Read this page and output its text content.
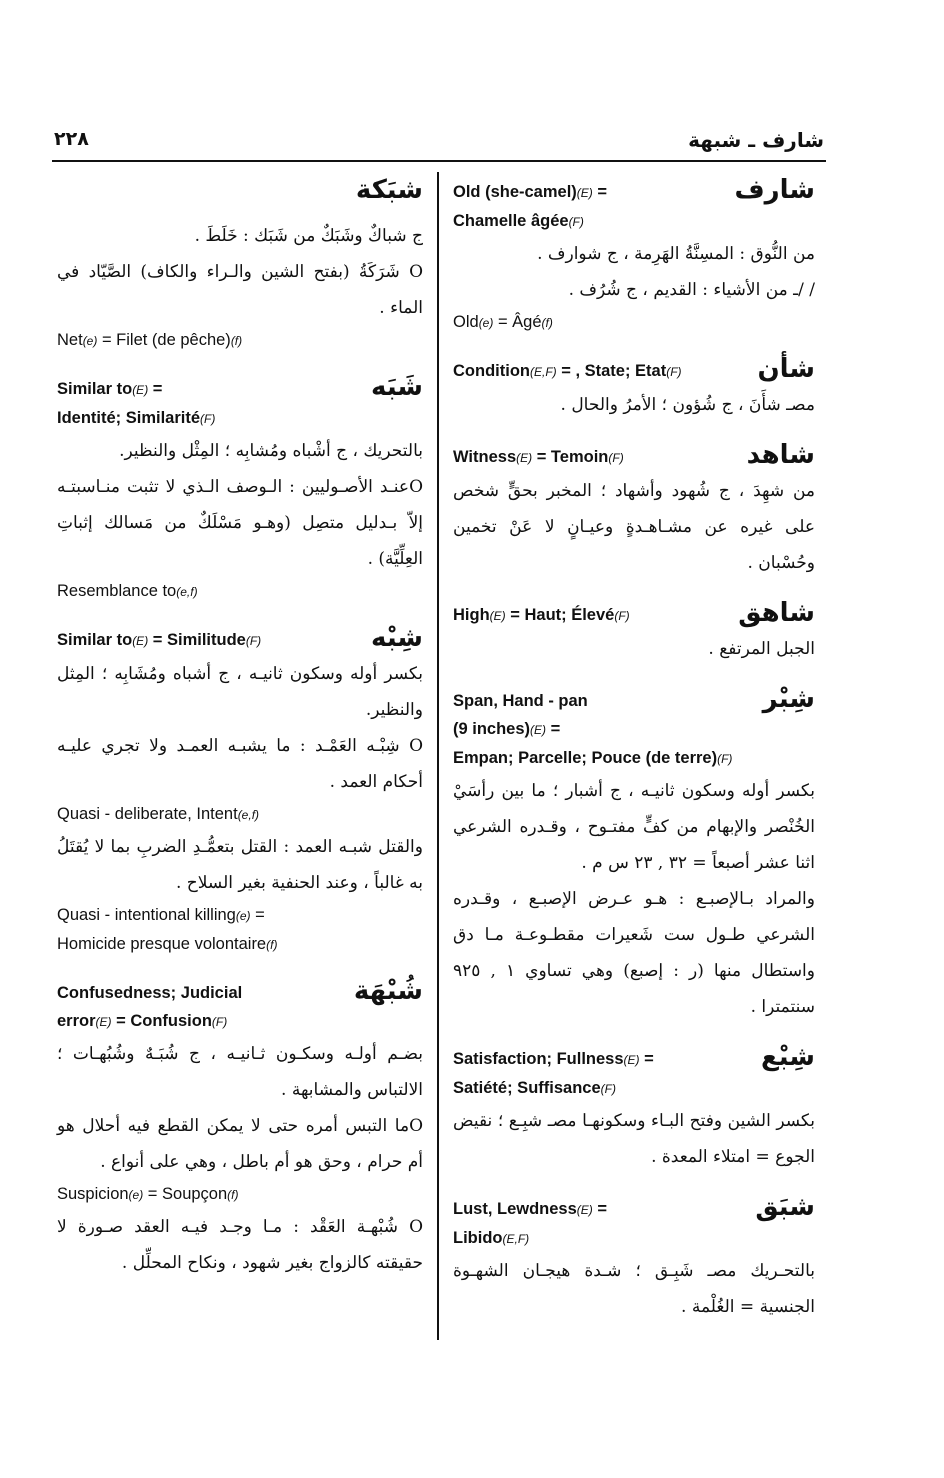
شارف ـ شبهة
٢٢٨
شارف

Old (she-camel)(E) =

Chamelle âgée(F)

من النُّوق : المسِنَّةُ الهَرِمة ، ج شوارف .

/ /ـ من الأشياء : القديم ، ج شُرُف .

Old(e) = Âgé(f)

شأن

Condition(E,F) = , State; Etat(F)

مصـ شأَنَ ، ج شُؤون ؛ الأمرُ والحال .

شاهد

Witness(E) = Temoin(F)

من شهِدَ ، ج شُهود وأشهاد ؛ المخبر بحقٍّ شخص على غيره عن مشـاهـدةٍ وعيـانٍ لا عَنْ تخمين وحُسْبان .

شاهق

High(E) = Haut; Élevé(F)

الجبل المرتفع .

شِبْر

Span, Hand - pan

(9 inches)(E) =

Empan; Parcelle; Pouce (de terre)(F)

بكسر أوله وسكون ثانيـه ، ج أشبار ؛ ما بين رأسَيْ الخُنْصر والإبهام من كفٍّ مفتـوح ، وقـدره الشرعي اثنا عشر أصبعاً = ٣٢ , ٢٣ س م .

والمراد بـالإصبـع : هـو عـرض الإصبـع ، وقـدره الشرعي طـول ست شَعيرات مقطـوعـة مـا دق واستطال منها (ر : إصبع) وهي تساوي ١ , ٩٢٥ سنتمترا .

شِبْع

Satisfaction; Fullness(E) =

Satiété; Suffisance(F)

بكسر الشين وفتح البـاء وسكونهـا مصـ شبِـع ؛ نقيض الجوع = امتلاء المعدة .

شبَق

Lust, Lewdness(E) =

Libido(E,F)

بالتحـريك مصـ شَبِـق ؛ شـدة هيجـان الشهـوة الجنسية = الغُلْمة .

شبَكة

ج شباكٌ وشَبَكٌ من شَبَك : خَلَطَ .

O شَرَكَةُ (بفتح الشين والـراء والكاف) الصَّيّاد في الماء .

Net(e) = Filet (de pêche)(f)

شَبَه

Similar to(E) =

Identité; Similarité(F)

بالتحريك ، ج أشْباه ومُشابِه ؛ المِثْل والنظير.

Oعنـد الأصـوليين : الـوصف الـذي لا تثبت منـاسبتـه إلاّ بـدليل متصِل (وهـو مَسْلَكٌ من مَسالك إثباتِ العِلِّيَّة) .

Resemblance to(e,f)

شِبْه

Similar to(E) = Similitude(F)

بكسر أوله وسكون ثانيـه ، ج أشباه ومُشَابِه ؛ المِثل والنظير.

O شِبْـه العَمْـد : ما يشبـه العمـد ولا تجري عليـه أحكام العمد .

Quasi - deliberate, Intent(e,f)

والقتل شبـه العمد : القتل بتعمُّـدِ الضربِ بما لا يُقتَلُ به غالباً ، وعند الحنفية بغير السلاح .

Quasi - intentional killing(e) =

Homicide presque volontaire(f)

شُبْهَة

Confusedness; Judicial

error(E) = Confusion(F)

بضـم أولـه وسكـون ثـانيـه ، ج شُبَـهٌ وشُبُهـات ؛ الالتباس والمشابهة .

Oما التبس أمره حتى لا يمكن القطع فيه أحلال هو أم حرام ، وحق هو أم باطل ، وهي على أنواع .

Suspicion(e) = Soupçon(f)

O شُبْهـة العَقْد : مـا وجـد فيـه العقد صـورة لا حقيقته كالزواج بغير شهود ، ونكاح المحلِّل .
